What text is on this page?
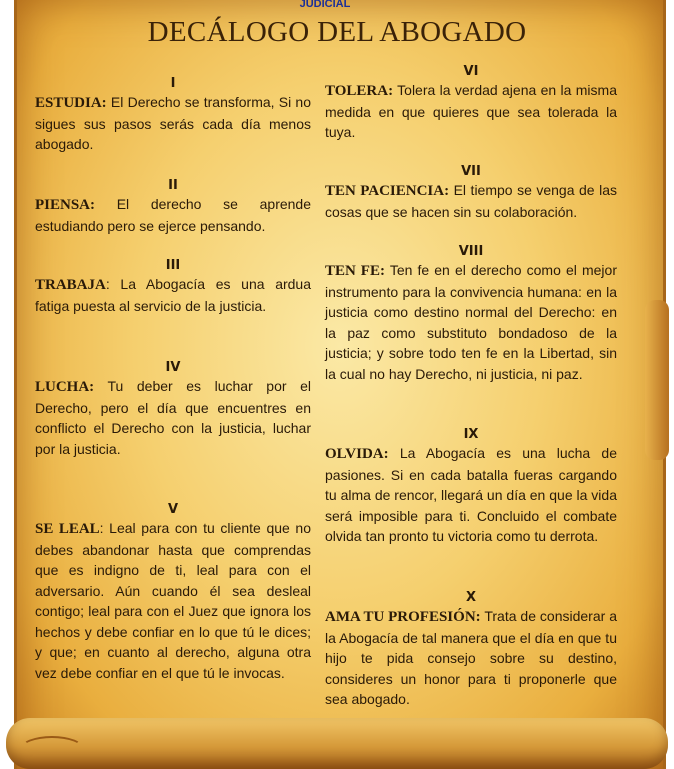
JUDICIAL
DECÁLOGO DEL ABOGADO
I
ESTUDIA: El Derecho se transforma, Si no sigues sus pasos serás cada día menos abogado.
II
PIENSA: El derecho se aprende estudiando pero se ejerce pensando.
III
TRABAJA: La Abogacía es una ardua fatiga puesta al servicio de la justicia.
IV
LUCHA: Tu deber es luchar por el Derecho, pero el día que encuentres en conflicto el Derecho con la justicia, luchar por la justicia.
V
SE LEAL: Leal para con tu cliente que no debes abandonar hasta que comprendas que es indigno de ti, leal para con el adversario. Aún cuando él sea desleal contigo; leal para con el Juez que ignora los hechos y debe confiar en lo que tú le dices; y que; en cuanto al derecho, alguna otra vez debe confiar en el que tú le invocas.
VI
TOLERA: Tolera la verdad ajena en la misma medida en que quieres que sea tolerada la tuya.
VII
TEN PACIENCIA: El tiempo se venga de las cosas que se hacen sin su colaboración.
VIII
TEN FE: Ten fe en el derecho como el mejor instrumento para la convivencia humana: en la justicia como destino normal del Derecho: en la paz como substituto bondadoso de la justicia; y sobre todo ten fe en la Libertad, sin la cual no hay Derecho, ni justicia, ni paz.
IX
OLVIDA: La Abogacía es una lucha de pasiones. Si en cada batalla fueras cargando tu alma de rencor, llegará un día en que la vida será imposible para ti. Concluido el combate olvida tan pronto tu victoria como tu derrota.
X
AMA TU PROFESIÓN: Trata de considerar a la Abogacía de tal manera que el día en que tu hijo te pida consejo sobre su destino, consideres un honor para ti proponerle que sea abogado.
